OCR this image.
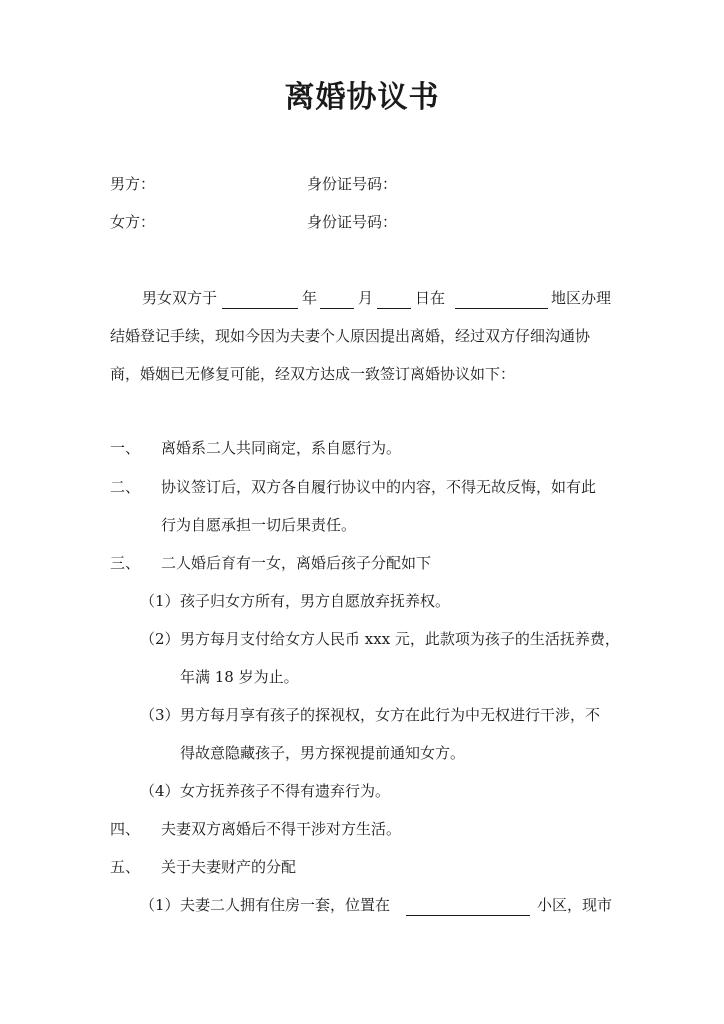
离婚协议书
男方：	身份证号码：
女方：	身份证号码：
男女双方于	年	月	日在	地区办理
结婚登记手续，现如今因为夫妻个人原因提出离婚，经过双方仔细沟通协
商，婚姻已无修复可能，经双方达成一致签订离婚协议如下：
一、 离婚系二人共同商定，系自愿行为。
二、 协议签订后，双方各自履行协议中的内容，不得无故反悔，如有此
行为自愿承担一切后果责任。
三、 二人婚后育有一女，离婚后孩子分配如下
（1） 孩子归女方所有，男方自愿放弃抚养权。
（2） 男方每月支付给女方人民币 xxx 元，此款项为孩子的生活抚养费，
年满 18 岁为止。
（3） 男方每月享有孩子的探视权，女方在此行为中无权进行干涉，不
得故意隐藏孩子，男方探视提前通知女方。
（4） 女方抚养孩子不得有遗弃行为。
四、 夫妻双方离婚后不得干涉对方生活。
五、 关于夫妻财产的分配
（1） 夫妻二人拥有住房一套，位置在	小区，现市
